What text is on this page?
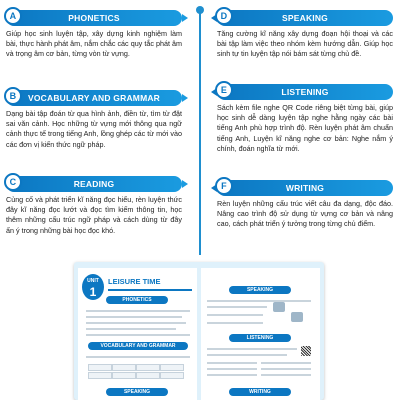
A	PHONETICS
Giúp học sinh luyện tập, xây dựng kinh nghiệm làm bài, thực hành phát âm, nắm chắc các quy tắc phát âm và trọng âm cơ bản, từng vòn từ vựng.
B	VOCABULARY AND GRAMMAR
Dạng bài tập đoán từ qua hình ảnh, điền từ, tìm từ đặt sai văn cảnh. Học những từ vựng mới thông qua ngữ cảnh thực tế trong tiếng Anh, lồng ghép các từ mới vào các đơn vị kiến thức ngữ pháp.
C	READING
Củng cố và phát triển kĩ năng đọc hiểu, rèn luyện thức đây kĩ năng đọc lướt và đọc tìm kiếm thông tin, học thêm những cấu trúc ngữ pháp và cách dùng từ đây ấn ý trong những bài học đọc khó.
D	SPEAKING
Tăng cường kĩ năng xây dựng đoạn hội thoại và các bài tập làm việc theo nhóm kèm hướng dẫn. Giúp học sinh tự tin luyện tập nói bám sát từng chủ đề.
E	LISTENING
Sách kèm file nghe QR Code riêng biệt từng bài, giúp học sinh dễ dàng luyện tập nghe hằng ngày các bài tiếng Anh phù hợp trình độ. Rèn luyện phát âm chuẩn tiếng Anh, Luyện kĩ năng nghe cơ bản: Nghe nắm ý chính, đoán nghĩa từ mới.
F	WRITING
Rèn luyện những cấu trúc viết câu đa dạng, độc đáo. Nâng cao trình độ sử dụng từ vựng cơ bản và nâng cao, cách phát triển ý tưởng trong từng chủ điểm.
UNIT
1
LEISURE TIME
PHONETICS
VOCABULARY AND GRAMMAR
SPEAKING
SPEAKING
LISTENING
WRITING
